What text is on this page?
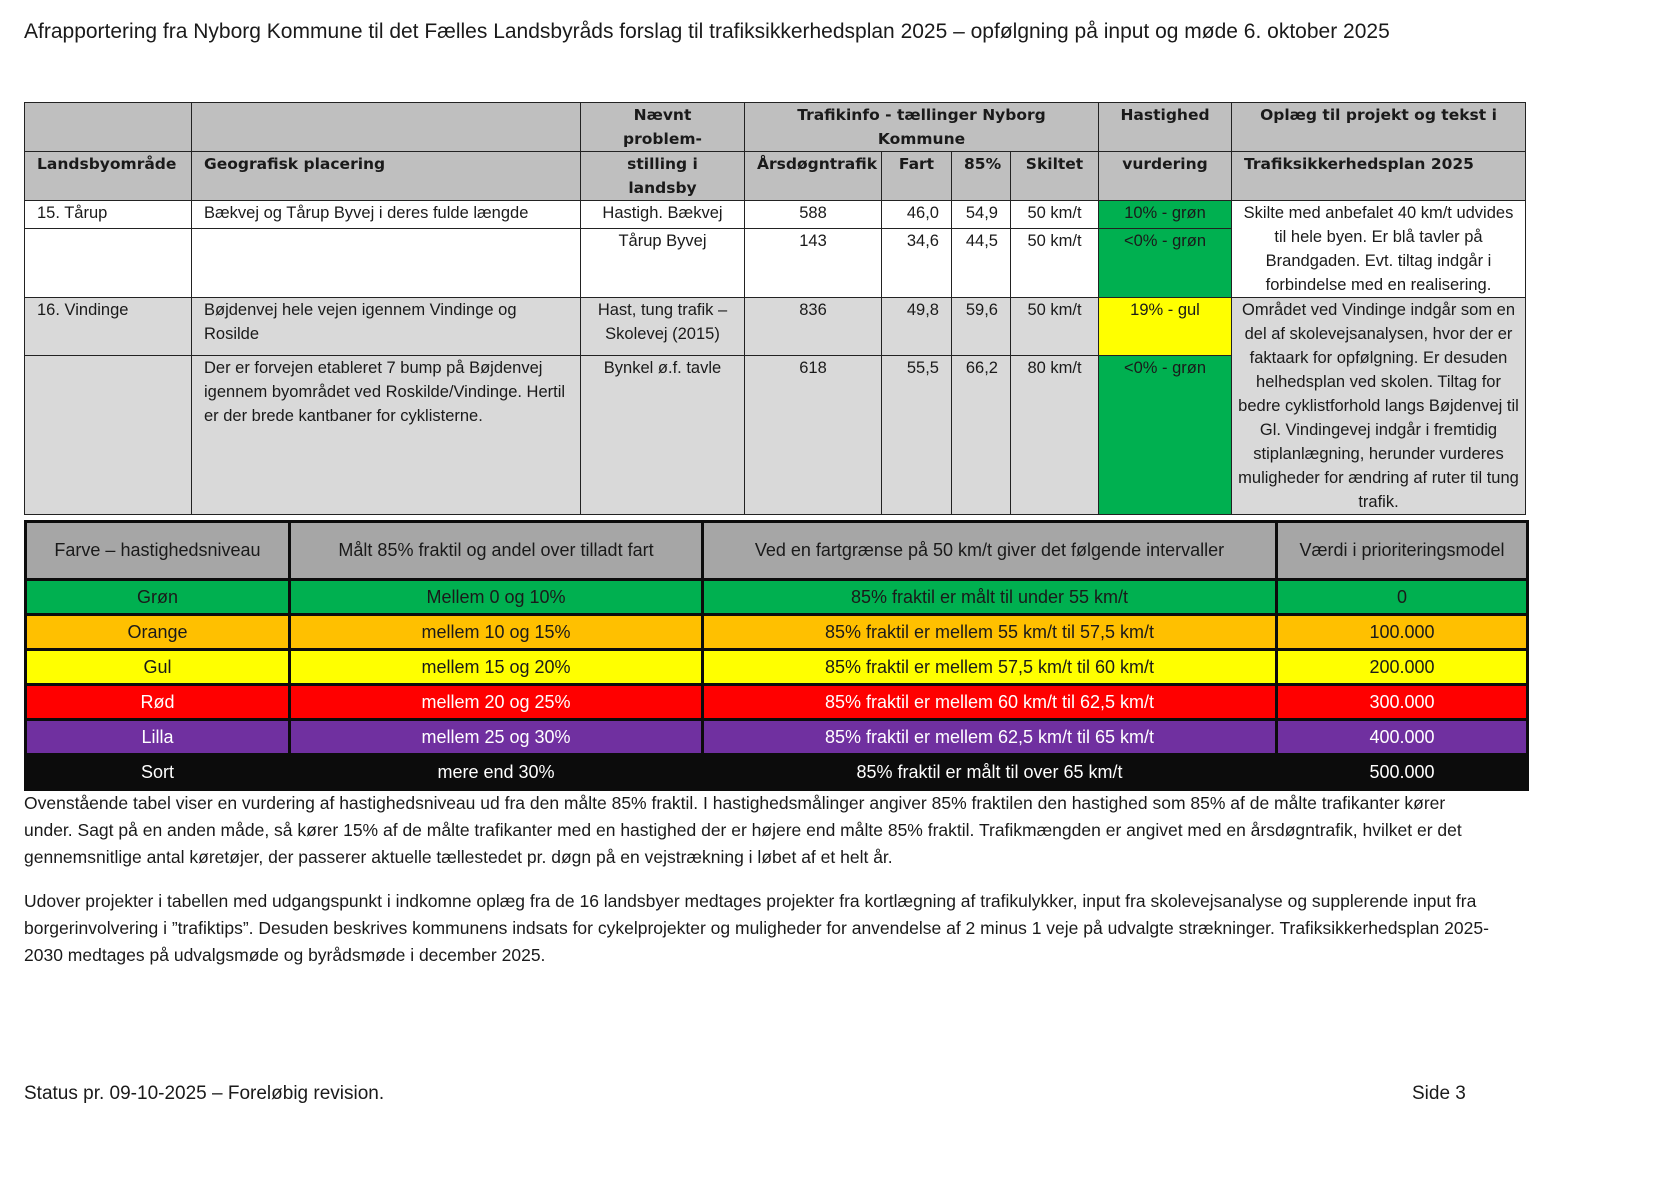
Afrapportering fra Nyborg Kommune til det Fælles Landsbyråds forslag til trafiksikkerhedsplan 2025 – opfølgning på input og møde 6. oktober 2025
		Nævnt problem-	Trafikinfo - tællinger Nyborg Kommune				Hastighed	Oplæg til projekt og tekst i
Landsbyområde	Geografisk placering	stilling i landsby	Årsdøgntrafik	Fart	85%	Skiltet	vurdering	Trafiksikkerhedsplan 2025
15. Tårup	Bækvej og Tårup Byvej i deres fulde længde	Hastigh. Bækvej	588	46,0	54,9	50 km/t	10% - grøn	Skilte med anbefalet 40 km/t udvides til hele byen. Er blå tavler på Brandgaden. Evt. tiltag indgår i forbindelse med en realisering.
		Tårup Byvej	143	34,6	44,5	50 km/t	<0% - grøn	
16. Vindinge	Bøjdenvej hele vejen igennem Vindinge og Rosilde	Hast, tung trafik – Skolevej (2015)	836	49,8	59,6	50 km/t	19% - gul	Området ved Vindinge indgår som en del af skolevejsanalysen, hvor der er faktaark for opfølgning. Er desuden helhedsplan ved skolen. Tiltag for bedre cyklistforhold langs Bøjdenvej til Gl. Vindingevej indgår i fremtidig stiplanlægning, herunder vurderes muligheder for ændring af ruter til tung trafik.
	Der er forvejen etableret 7 bump på Bøjdenvej igennem byområdet ved Roskilde/Vindinge. Hertil er der brede kantbaner for cyklisterne.	Bynkel ø.f. tavle	618	55,5	66,2	80 km/t	<0% - grøn	
Farve – hastighedsniveau	Målt 85% fraktil og andel over tilladt fart	Ved en fartgrænse på 50 km/t giver det følgende intervaller	Værdi i prioriteringsmodel
Grøn	Mellem 0 og 10%	85% fraktil er målt til under 55 km/t	0
Orange	mellem 10 og 15%	85% fraktil er mellem 55 km/t til 57,5 km/t	100.000
Gul	mellem 15 og 20%	85% fraktil er mellem 57,5 km/t til 60 km/t	200.000
Rød	mellem 20 og 25%	85% fraktil er mellem 60 km/t til 62,5 km/t	300.000
Lilla	mellem 25 og 30%	85% fraktil er mellem 62,5 km/t til 65 km/t	400.000
Sort	mere end 30%	85% fraktil er målt til over 65 km/t	500.000
Ovenstående tabel viser en vurdering af hastighedsniveau ud fra den målte 85% fraktil. I hastighedsmålinger angiver 85% fraktilen den hastighed som 85% af de målte trafikanter kører under. Sagt på en anden måde, så kører 15% af de målte trafikanter med en hastighed der er højere end målte 85% fraktil. Trafikmængden er angivet med en årsdøgntrafik, hvilket er det gennemsnitlige antal køretøjer, der passerer aktuelle tællestedet pr. døgn på en vejstrækning i løbet af et helt år.
Udover projekter i tabellen med udgangspunkt i indkomne oplæg fra de 16 landsbyer medtages projekter fra kortlægning af trafikulykker, input fra skolevejsanalyse og supplerende input fra borgerinvolvering i ”trafiktips”. Desuden beskrives kommunens indsats for cykelprojekter og muligheder for anvendelse af 2 minus 1 veje på udvalgte strækninger. Trafiksikkerhedsplan 2025-2030 medtages på udvalgsmøde og byrådsmøde i december 2025.
Status pr. 09-10-2025 – Foreløbig revision.	Side 3
